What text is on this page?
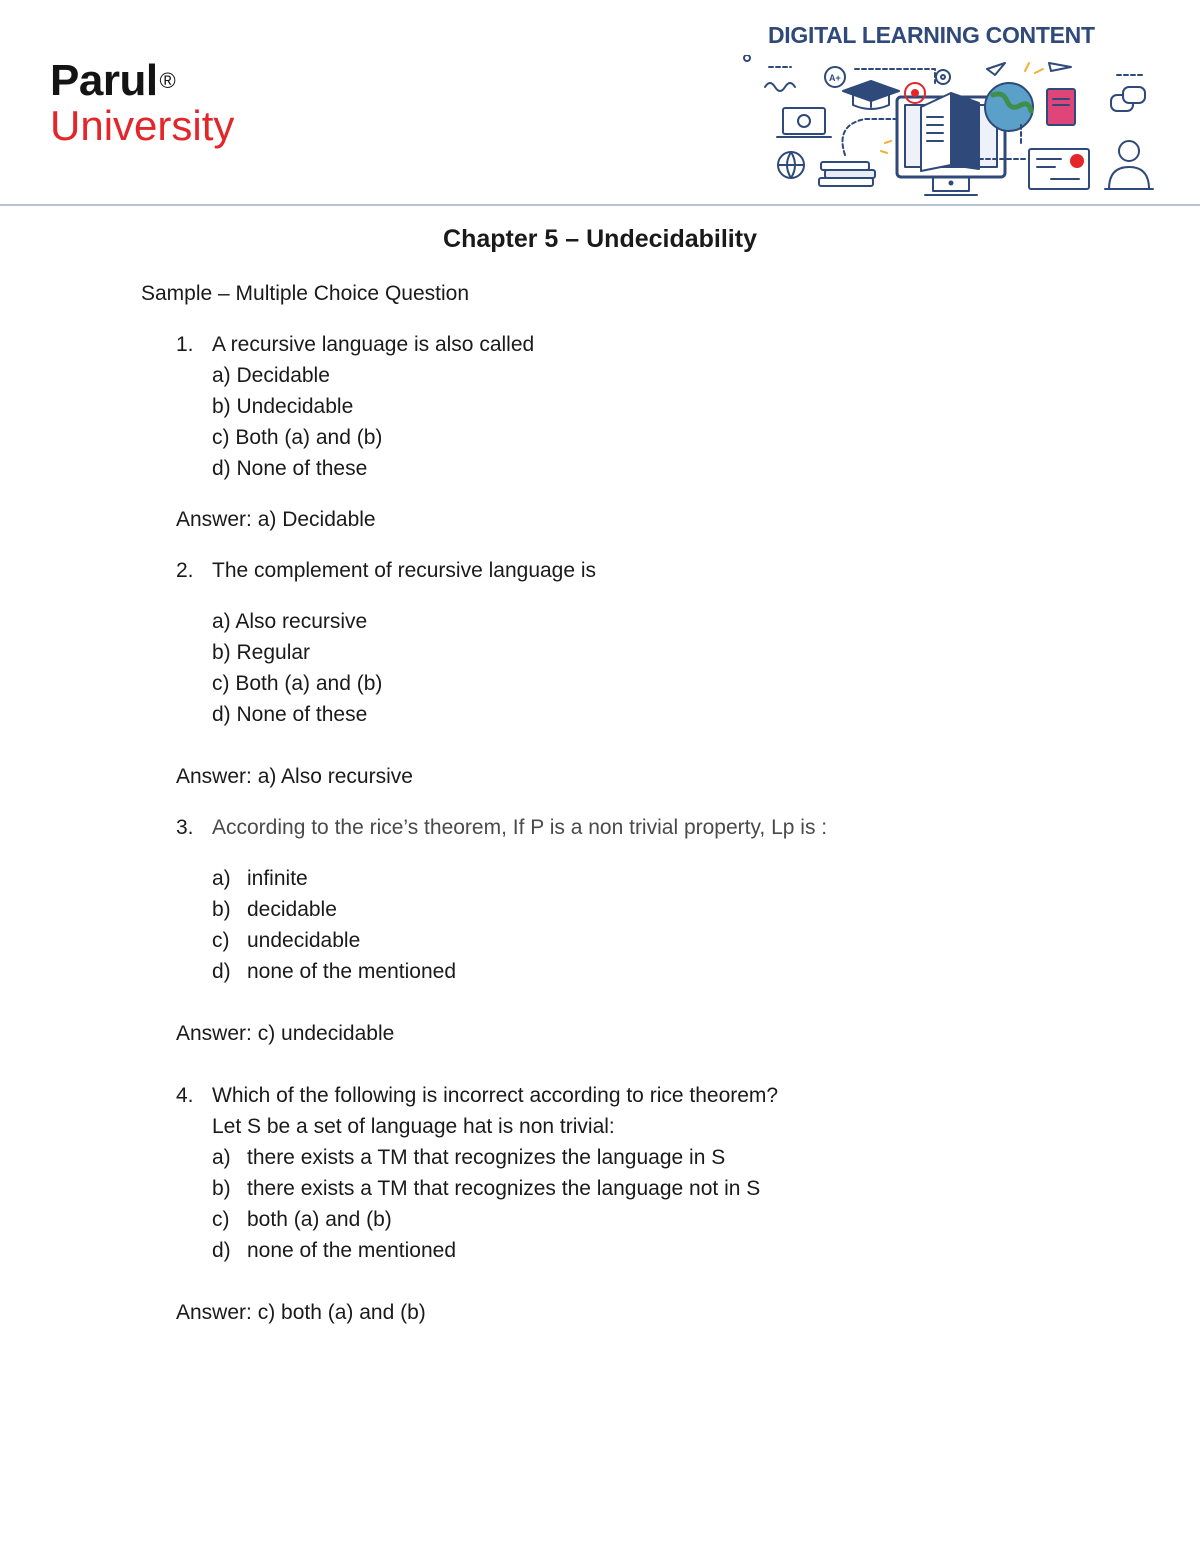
Parul®
University
DIGITAL LEARNING CONTENT
A+
Chapter 5 – Undecidability
Sample – Multiple Choice Question
1. A recursive language is also called
a) Decidable
b) Undecidable
c) Both (a) and (b)
d) None of these
Answer: a) Decidable
2. The complement of recursive language is
a) Also recursive
b) Regular
c) Both (a) and (b)
d) None of these
Answer: a) Also recursive
3. According to the rice’s theorem, If P is a non trivial property, Lp is :
a) infinite
b) decidable
c) undecidable
d) none of the mentioned
Answer: c) undecidable
4. Which of the following is incorrect according to rice theorem?
Let S be a set of language hat is non trivial:
a) there exists a TM that recognizes the language in S
b) there exists a TM that recognizes the language not in S
c) both (a) and (b)
d) none of the mentioned
Answer: c) both (a) and (b)
